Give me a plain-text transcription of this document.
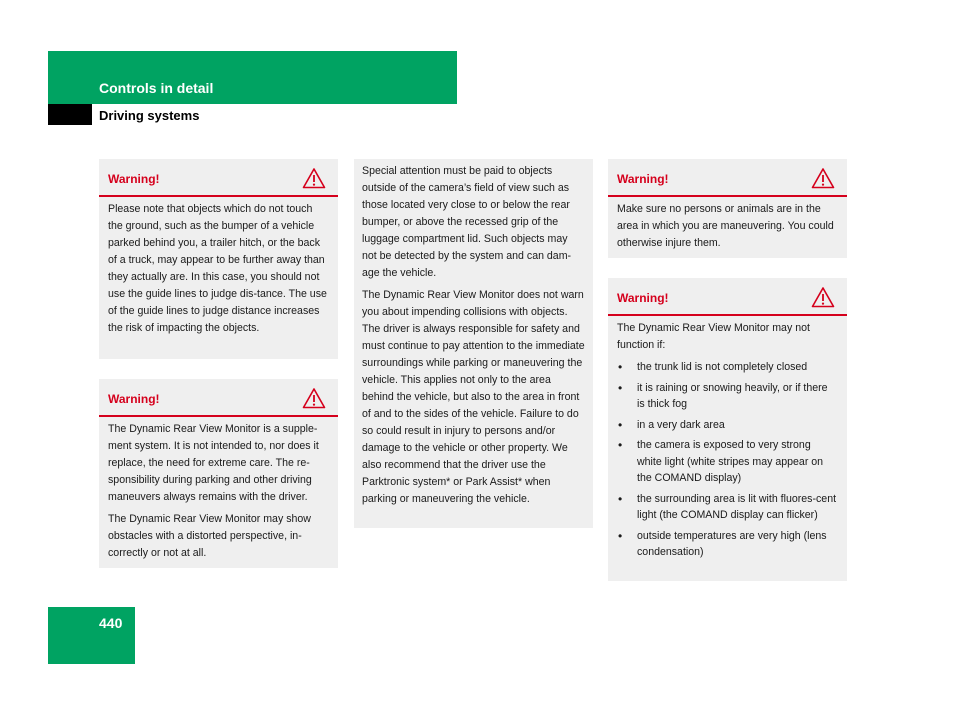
Controls in detail
Driving systems
Warning!

Please note that objects which do not touch the ground, such as the bumper of a vehicle parked behind you, a trailer hitch, or the back of a truck, may appear to be further away than they actually are. In this case, you should not use the guide lines to judge dis-tance. The use of the guide lines to judge distance increases the risk of impacting the objects.

Warning!

The Dynamic Rear View Monitor is a supple-ment system. It is not intended to, nor does it replace, the need for extreme care. The re-sponsibility during parking and other driving maneuvers always remains with the driver.

The Dynamic Rear View Monitor may show obstacles with a distorted perspective, in-correctly or not at all.

Special attention must be paid to objects outside of the camera’s field of view such as those located very close to or below the rear bumper, or above the recessed grip of the luggage compartment lid. Such objects may not be detected by the system and can dam-age the vehicle.

The Dynamic Rear View Monitor does not warn you about impending collisions with objects. The driver is always responsible for safety and must continue to pay attention to the immediate surroundings while parking or maneuvering the vehicle. This applies not only to the area behind the vehicle, but also to the area in front of and to the sides of the vehicle. Failure to do so could result in injury to persons and/or damage to the vehicle or other property. We also recommend that the driver use the Parktronic system* or Park Assist* when parking or maneuvering the vehicle.

Warning!

Make sure no persons or animals are in the area in which you are maneuvering. You could otherwise injure them.

Warning!

The Dynamic Rear View Monitor may not function if:

• the trunk lid is not completely closed
• it is raining or snowing heavily, or if there is thick fog
• in a very dark area
• the camera is exposed to very strong white light (white stripes may appear on the COMAND display)
• the surrounding area is lit with fluores-cent light (the COMAND display can flicker)
• outside temperatures are very high (lens condensation)
440
